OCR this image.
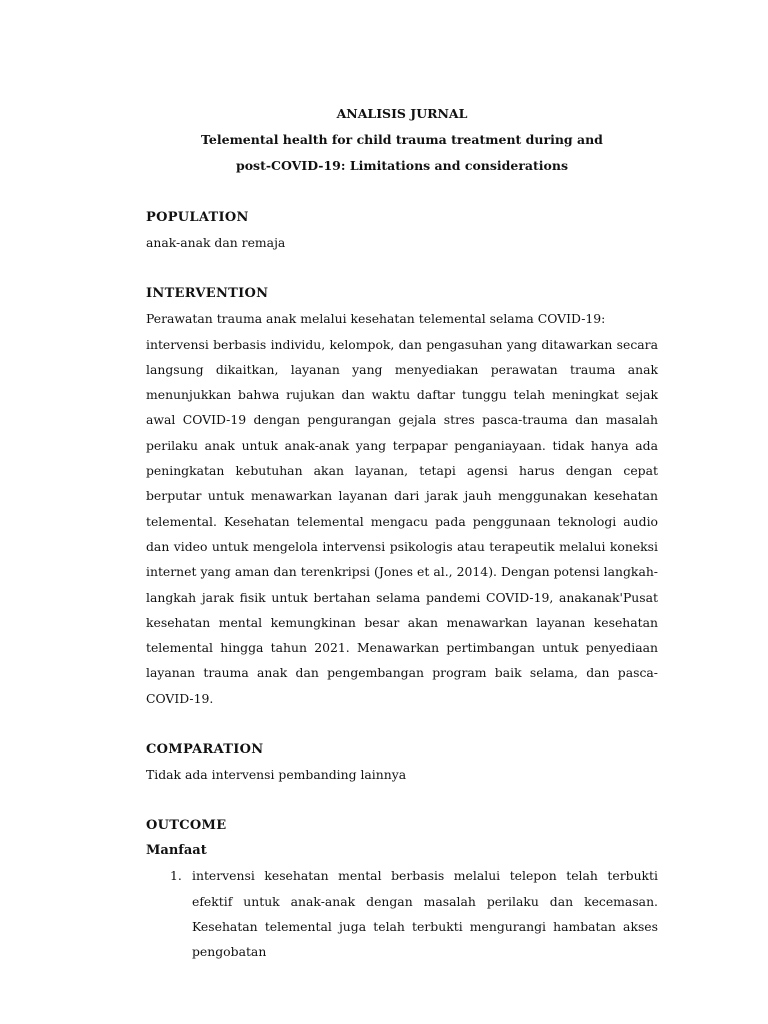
ANALISIS JURNAL
Telemental health for child trauma treatment during and
post-COVID-19: Limitations and considerations
POPULATION

anak-anak dan remaja

INTERVENTION

Perawatan trauma anak melalui kesehatan telemental selama COVID-19:

intervensi berbasis individu, kelompok, dan pengasuhan yang ditawarkan secara langsung dikaitkan, layanan yang menyediakan perawatan trauma anak menunjukkan bahwa rujukan dan waktu daftar tunggu telah meningkat sejak awal COVID-19 dengan pengurangan gejala stres pasca-trauma dan masalah perilaku anak untuk anak-anak yang terpapar penganiayaan. tidak hanya ada peningkatan kebutuhan akan layanan, tetapi agensi harus dengan cepat berputar untuk menawarkan layanan dari jarak jauh menggunakan kesehatan telemental. Kesehatan telemental mengacu pada penggunaan teknologi audio dan video untuk mengelola intervensi psikologis atau terapeutik melalui koneksi internet yang aman dan terenkripsi (Jones et al., 2014). Dengan potensi langkah-langkah jarak fisik untuk bertahan selama pandemi COVID-19, anakanak'Pusat kesehatan mental kemungkinan besar akan menawarkan layanan kesehatan telemental hingga tahun 2021. Menawarkan pertimbangan untuk penyediaan layanan trauma anak dan pengembangan program baik selama, dan pasca-COVID-19.

COMPARATION

Tidak ada intervensi pembanding lainnya

OUTCOME
Manfaat
1. intervensi kesehatan mental berbasis melalui telepon telah terbukti efektif untuk anak-anak dengan masalah perilaku dan kecemasan. Kesehatan telemental juga telah terbukti mengurangi hambatan akses pengobatan
